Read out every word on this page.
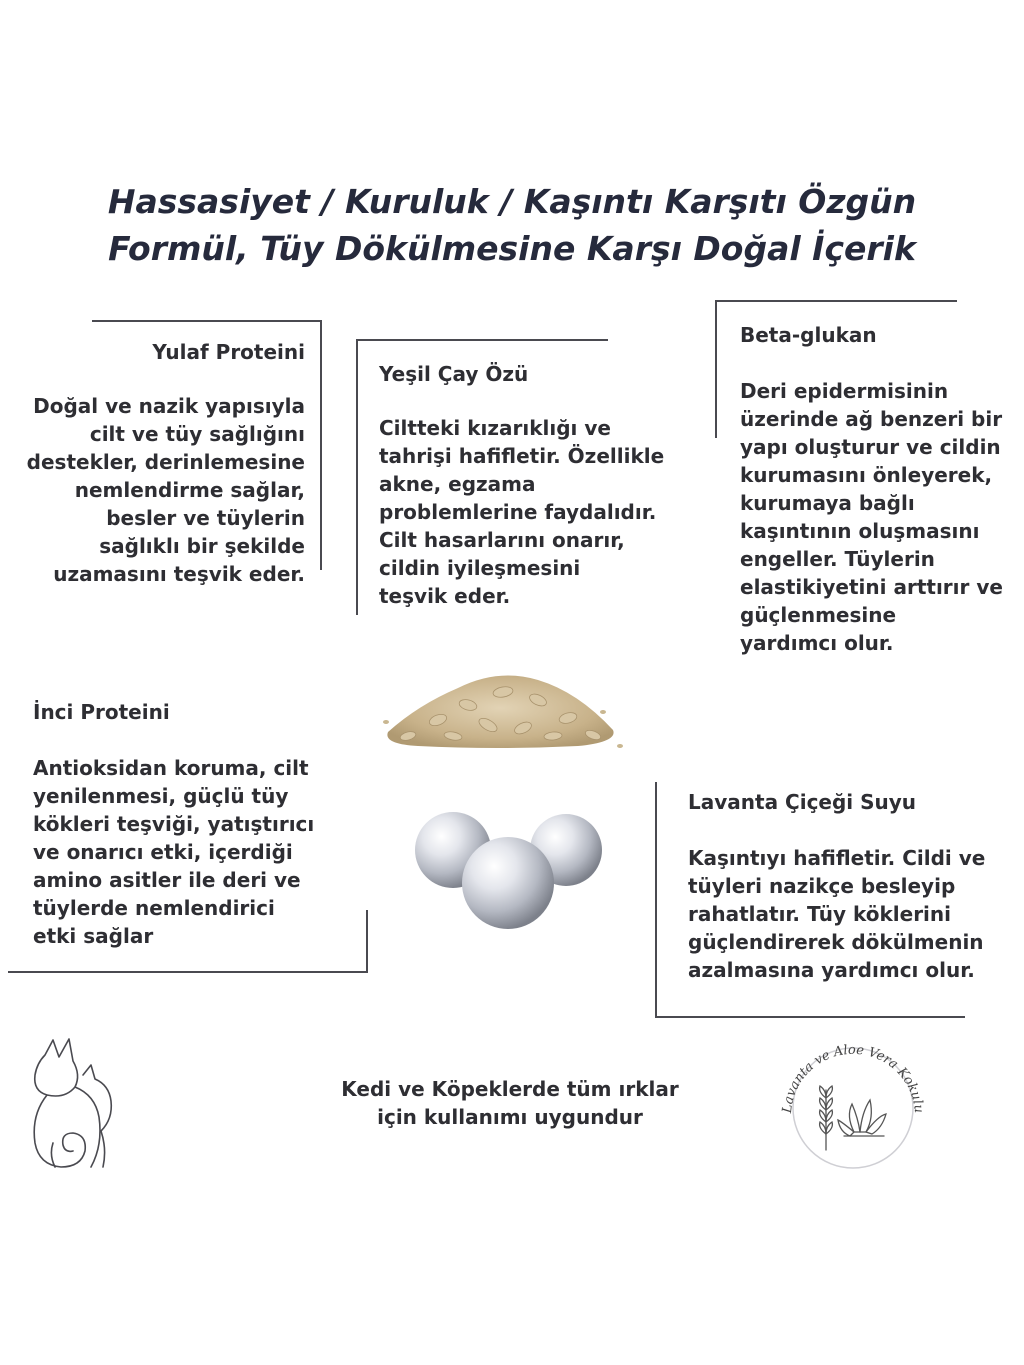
Hassasiyet / Kuruluk / Kaşıntı Karşıtı Özgün
Formül, Tüy Dökülmesine Karşı Doğal İçerik
Yulaf Proteini
Doğal ve nazik yapısıyla
cilt ve tüy sağlığını
destekler, derinlemesine
nemlendirme sağlar,
besler ve tüylerin
sağlıklı bir şekilde
uzamasını teşvik eder.
Yeşil Çay Özü
Ciltteki kızarıklığı ve
tahrişi hafifletir. Özellikle
akne, egzama
problemlerine faydalıdır.
Cilt hasarlarını onarır,
cildin iyileşmesini
teşvik eder.
Beta-glukan
Deri epidermisinin
üzerinde ağ benzeri bir
yapı oluşturur ve cildin
kurumasını önleyerek,
kurumaya bağlı
kaşıntının oluşmasını
engeller. Tüylerin
elastikiyetini arttırır ve
güçlenmesine
yardımcı olur.
İnci Proteini
Antioksidan koruma, cilt
yenilenmesi, güçlü tüy
kökleri teşviği, yatıştırıcı
ve onarıcı etki, içerdiği
amino asitler ile deri ve
tüylerde nemlendirici
etki sağlar
Lavanta Çiçeği Suyu
Kaşıntıyı hafifletir. Cildi ve
tüyleri nazikçe besleyip
rahatlatır. Tüy köklerini
güçlendirerek dökülmenin
azalmasına yardımcı olur.
Kedi ve Köpeklerde tüm ırklar
için kullanımı uygundur	Lavanta ve Aloe Vera Kokulu
